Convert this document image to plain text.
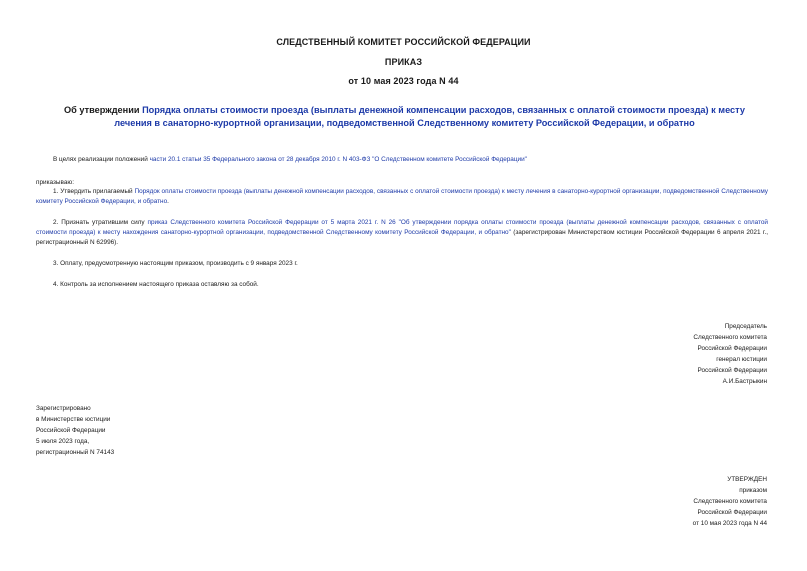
СЛЕДСТВЕННЫЙ КОМИТЕТ РОССИЙСКОЙ ФЕДЕРАЦИИ
ПРИКАЗ
от 10 мая 2023 года N 44
Об утверждении Порядка оплаты стоимости проезда (выплаты денежной компенсации расходов, связанных с оплатой стоимости проезда) к месту лечения в санаторно-курортной организации, подведомственной Следственному комитету Российской Федерации, и обратно
В целях реализации положений части 20.1 статьи 35 Федерального закона от 28 декабря 2010 г. N 403-ФЗ "О Следственном комитете Российской Федерации"
приказываю:
1. Утвердить прилагаемый Порядок оплаты стоимости проезда (выплаты денежной компенсации расходов, связанных с оплатой стоимости проезда) к месту лечения в санаторно-курортной организации, подведомственной Следственному комитету Российской Федерации, и обратно.
2. Признать утратившим силу приказ Следственного комитета Российской Федерации от 5 марта 2021 г. N 26 "Об утверждении порядка оплаты стоимости проезда (выплаты денежной компенсации расходов, связанных с оплатой стоимости проезда) к месту нахождения санаторно-курортной организации, подведомственной Следственному комитету Российской Федерации, и обратно" (зарегистрирован Министерством юстиции Российской Федерации 6 апреля 2021 г., регистрационный N 62996).
3. Оплату, предусмотренную настоящим приказом, производить с 9 января 2023 г.
4. Контроль за исполнением настоящего приказа оставляю за собой.
Председатель
Следственного комитета
Российской Федерации
генерал юстиции
Российской Федерации
А.И.Бастрыкин
Зарегистрировано
в Министерстве юстиции
Российской Федерации
5 июля 2023 года,
регистрационный N 74143
УТВЕРЖДЕН
приказом
Следственного комитета
Российской Федерации
от 10 мая 2023 года N 44
